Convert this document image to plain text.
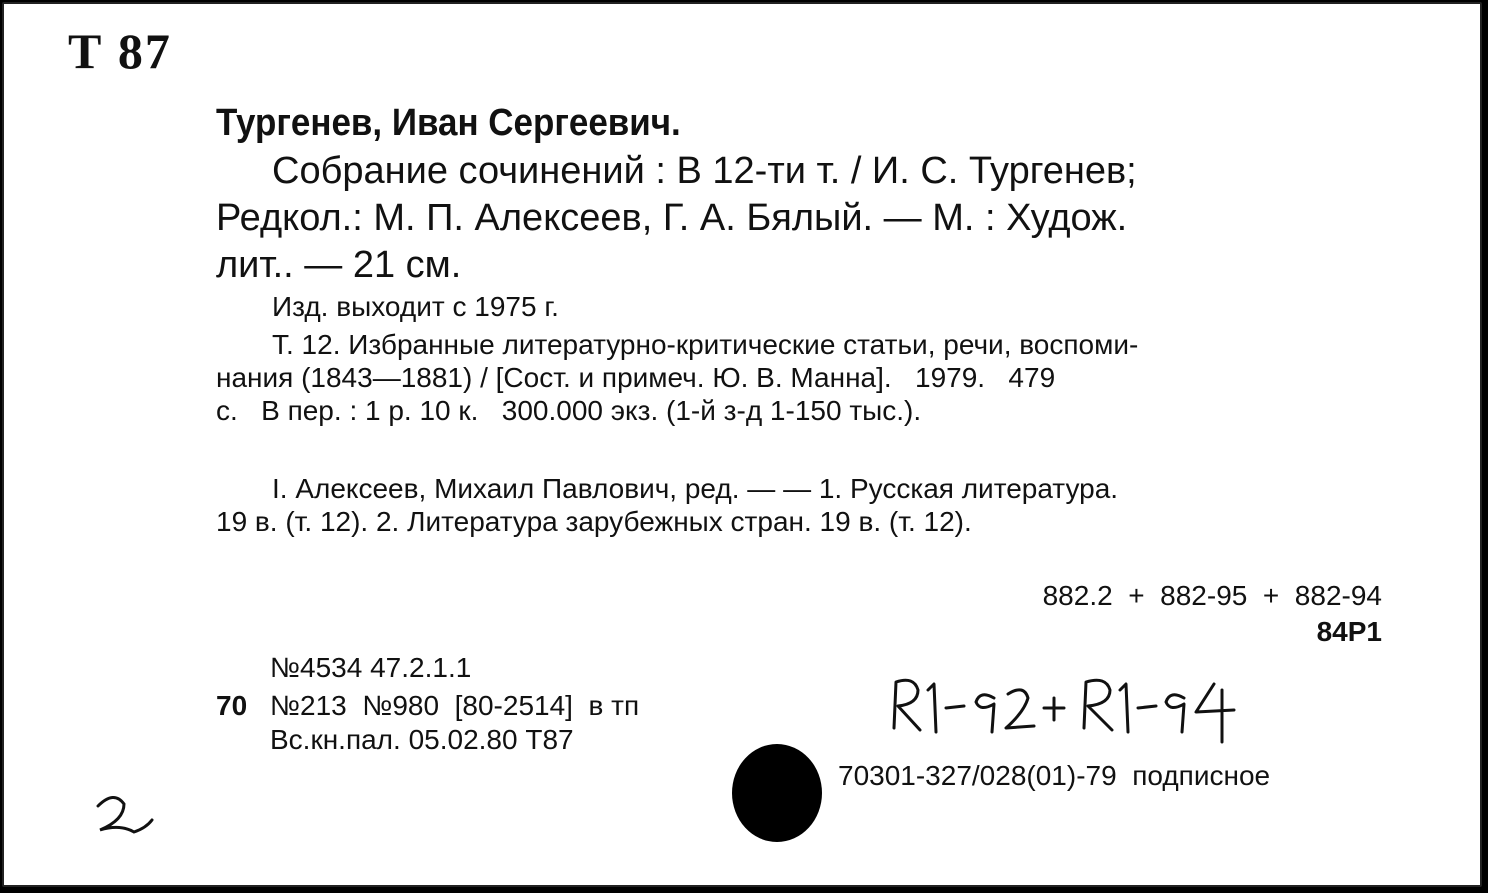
Т 87
Тургенев, Иван Сергеевич.
Собрание сочинений : В 12-ти т. / И. С. Тургенев;
Редкол.: М. П. Алексеев, Г. А. Бялый. — М. : Худож.
лит.. — 21 см.
Изд. выходит с 1975 г.
Т. 12. Избранные литературно-критические статьи, речи, воспоми-
нания (1843—1881) / [Сост. и примеч. Ю. В. Манна].   1979.   479
с.   В пер. : 1 р. 10 к.   300.000 экз. (1-й з-д 1-150 тыс.).
I. Алексеев, Михаил Павлович, ред. — — 1. Русская литература.
19 в. (т. 12). 2. Литература зарубежных стран. 19 в. (т. 12).
882.2  +  882-95  +  882-94
84Р1
№4534 47.2.1.1
70 №213  №980  [80-2514]  в тп
Вс.кн.пал. 05.02.80 Т87
70301-327/028(01)-79  подписное
